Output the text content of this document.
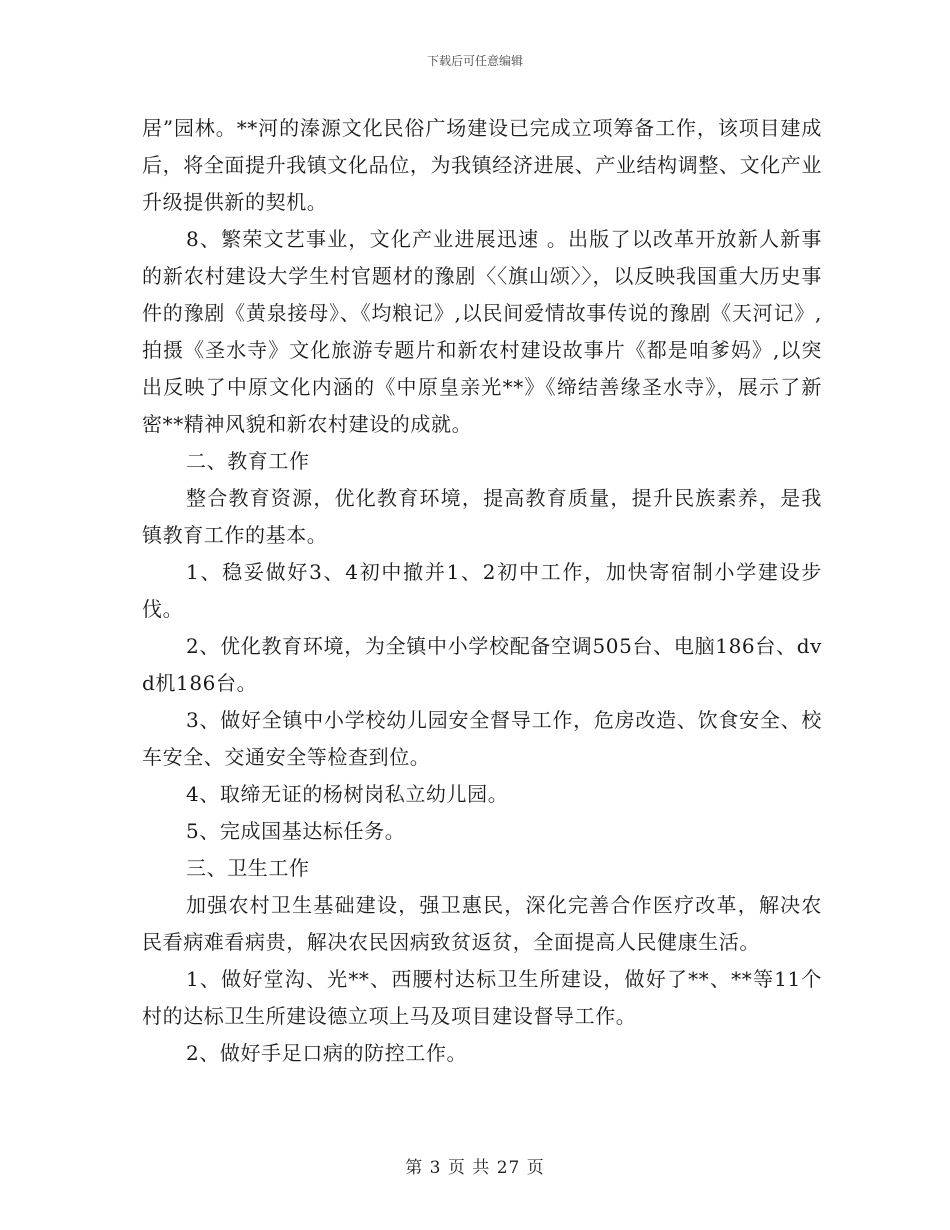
下载后可任意编辑

居”园林。**河的溱源文化民俗广场建设已完成立项筹备工作，该项目建成后，将全面提升我镇文化品位，为我镇经济进展、产业结构调整、文化产业升级提供新的契机。

8、繁荣文艺事业，文化产业进展迅速 。出版了以改革开放新人新事的新农村建设大学生村官题材的豫剧〈〈旗山颂〉〉，以反映我国重大历史事件的豫剧《黄泉接母》、《均粮记》,以民间爱情故事传说的豫剧《天河记》,拍摄《圣水寺》文化旅游专题片和新农村建设故事片《都是咱爹妈》,以突出反映了中原文化内涵的《中原皇亲光**》《缔结善缘圣水寺》，展示了新密**精神风貌和新农村建设的成就。

二、教育工作

整合教育资源，优化教育环境，提高教育质量，提升民族素养，是我镇教育工作的基本。

1、稳妥做好3、4初中撤并1、2初中工作，加快寄宿制小学建设步伐。

2、优化教育环境，为全镇中小学校配备空调505台、电脑186台、dvd机186台。

3、做好全镇中小学校幼儿园安全督导工作，危房改造、饮食安全、校车安全、交通安全等检查到位。

4、取缔无证的杨树岗私立幼儿园。

5、完成国基达标任务。

三、卫生工作

加强农村卫生基础建设，强卫惠民，深化完善合作医疗改革，解决农民看病难看病贵，解决农民因病致贫返贫，全面提高人民健康生活。

1、做好堂沟、光**、西腰村达标卫生所建设，做好了**、**等11个村的达标卫生所建设德立项上马及项目建设督导工作。

2、做好手足口病的防控工作。

第 3 页 共 27 页
